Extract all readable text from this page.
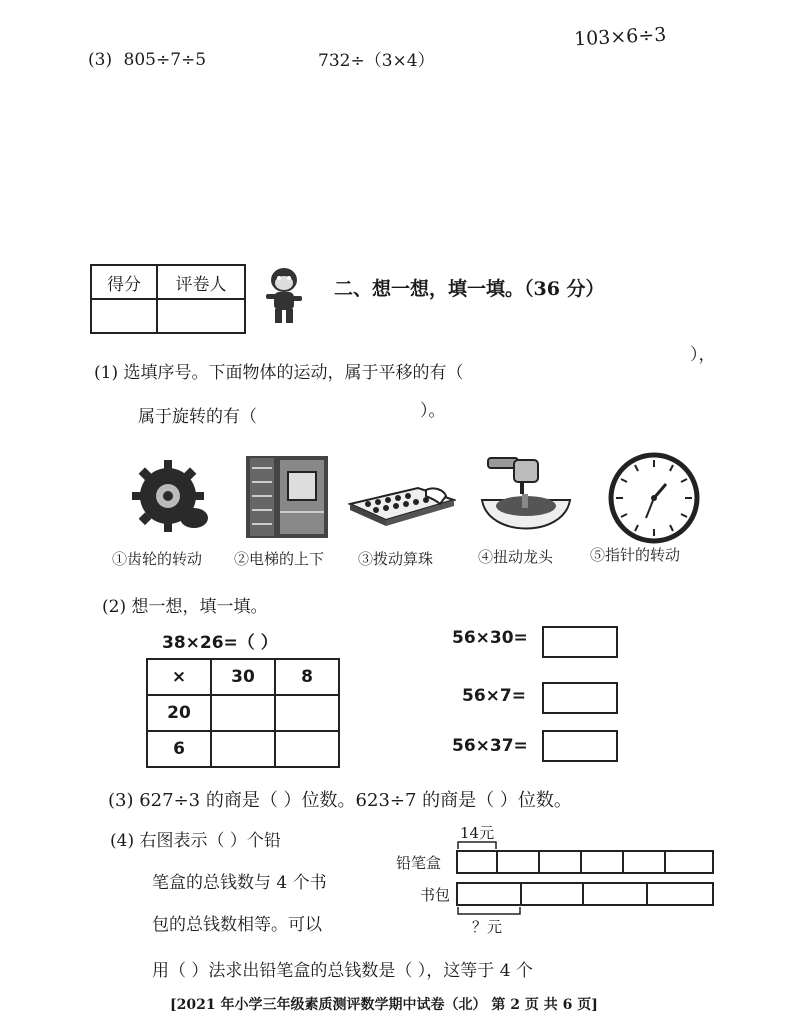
(3) 805÷7÷5	732÷（3×4）
103×6÷3
得分	评卷人
		二、想一想，填一填。（36 分）
(1) 选填序号。下面物体的运动，属于平移的有（
），
属于旋转的有（	）。
①齿轮的转动 ②电梯的上下 ③拨动算珠	④扭动龙头 ⑤指针的转动
(2) 想一想，填一填。
38×26=（ ）
×	30	8
20		
6		
56×30=
56×7=
56×37=
(3) 627÷3 的商是（ ）位数。623÷7 的商是（ ）位数。
(4) 右图表示（ ）个铅
笔盒的总钱数与 4 个书
包的总钱数相等。可以
用（ ）法求出铅笔盒的总钱数是（ ），这等于 4 个
14元
铅笔盒
书包
？元
[2021 年小学三年级素质测评数学期中试卷（北） 第 2 页 共 6 页]
